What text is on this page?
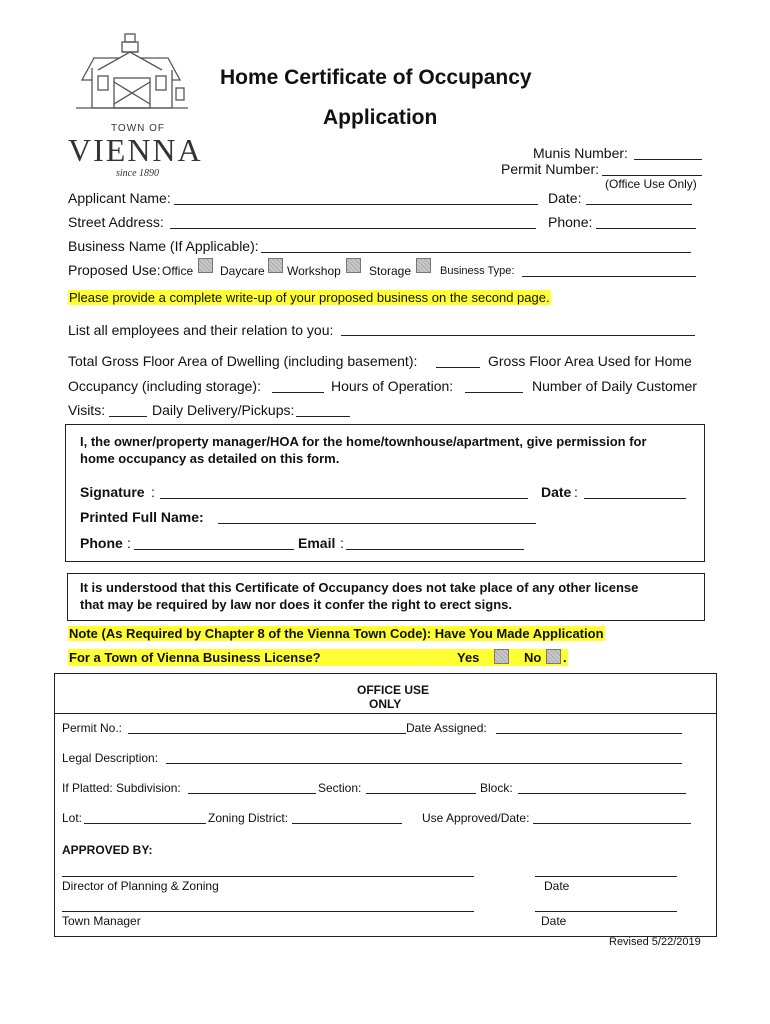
TOWN OF
VIENNA
since 1890
Home Certificate of Occupancy
Application
Munis Number:
Permit Number:
(Office Use Only)
Applicant Name:	Date:
Street Address:	Phone:
Business Name (If Applicable):
Proposed Use: Office Daycare Workshop Storage	Business Type:
Please provide a complete write-up of your proposed business on the second page.
List all employees and their relation to you:
Total Gross Floor Area of Dwelling (including basement):	Gross Floor Area Used for Home
Occupancy (including storage):	Hours of Operation:	Number of Daily Customer
Visits:	Daily Delivery/Pickups:
I, the owner/property manager/HOA for the home/townhouse/apartment, give permission for
home occupancy as detailed on this form.
Signature :	Date :
Printed Full Name:
Phone :	Email :
It is understood that this Certificate of Occupancy does not take place of any other license
that may be required by law nor does it confer the right to erect signs.
Note (As Required by Chapter 8 of the Vienna Town Code): Have You Made Application
For a Town of Vienna Business License?	Yes	No .
OFFICE USE
ONLY
Permit No.:	Date Assigned:
Legal Description:
If Platted: Subdivision:	Section:	Block:
Lot:	Zoning District:	Use Approved/Date:
APPROVED BY:
Director of Planning & Zoning	Date
Town Manager	Date
Revised 5/22/2019
